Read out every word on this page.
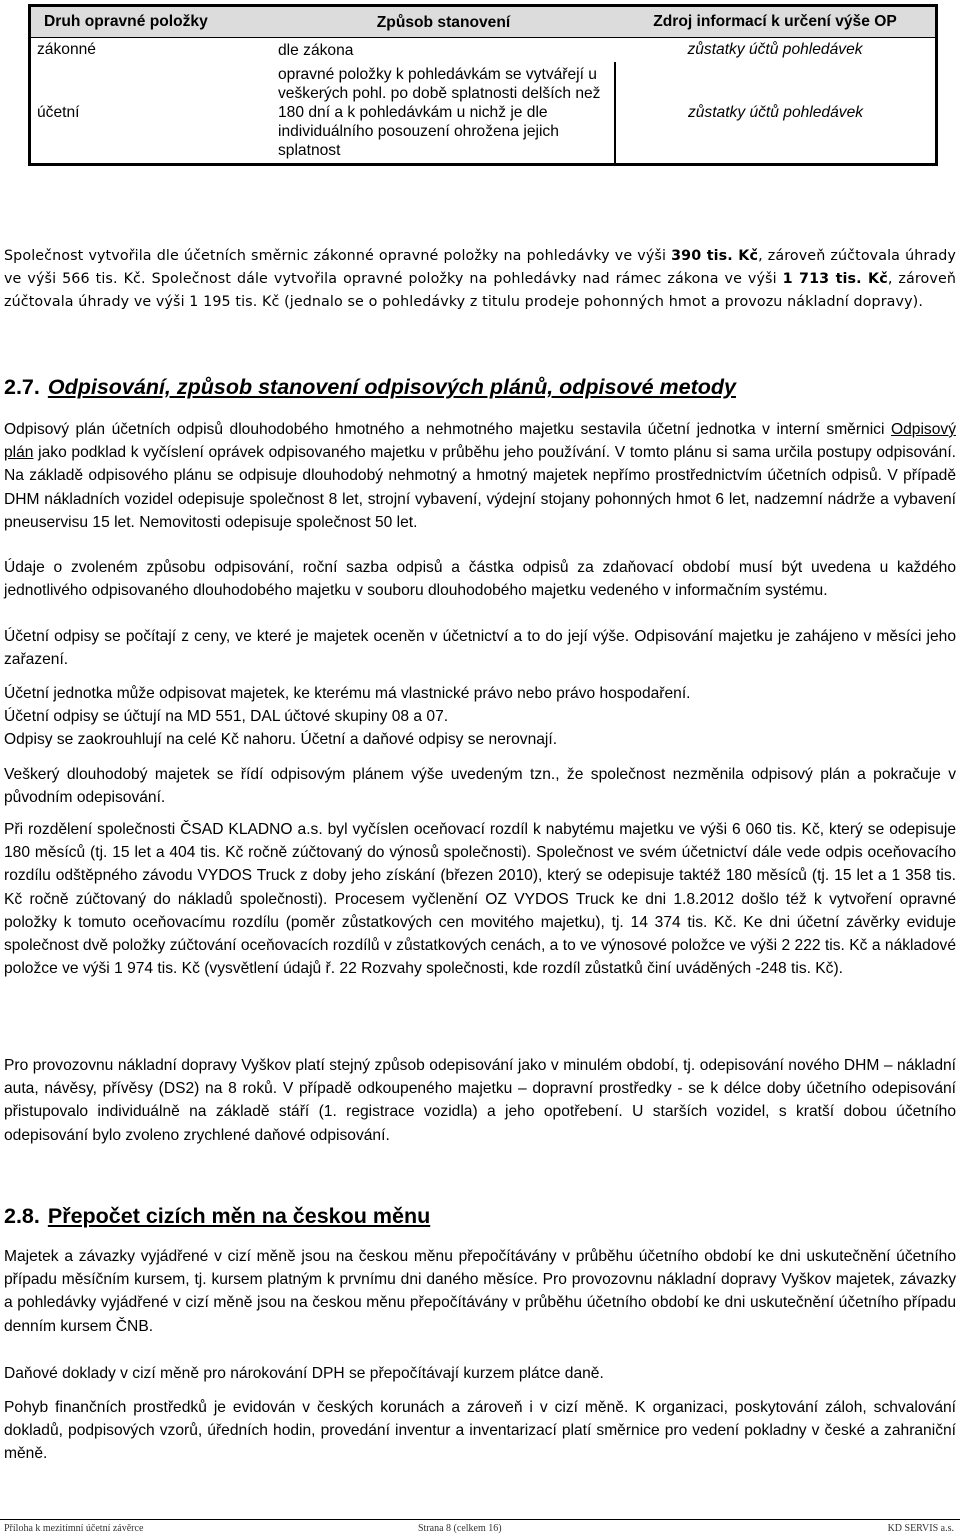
Druh opravné položky	Způsob stanovení	Zdroj informací k určení výše OP
zákonné	dle zákona	zůstatky účtů pohledávek
účetní	opravné položky k pohledávkám se vytvářejí u veškerých pohl. po době splatnosti delších než 180 dní a k pohledávkám u nichž je dle individuálního posouzení ohrožena jejich splatnost	zůstatky účtů pohledávek

Společnost vytvořila dle účetních směrnic zákonné opravné položky na pohledávky ve výši 390 tis. Kč, zároveň zúčtovala úhrady ve výši 566 tis. Kč. Společnost dále vytvořila opravné položky na pohledávky nad rámec zákona ve výši 1 713 tis. Kč, zároveň zúčtovala úhrady ve výši 1 195 tis. Kč (jednalo se o pohledávky z titulu prodeje pohonných hmot a provozu nákladní dopravy).

2.7. Odpisování, způsob stanovení odpisových plánů, odpisové metody

Odpisový plán účetních odpisů dlouhodobého hmotného a nehmotného majetku sestavila účetní jednotka v interní směrnici Odpisový plán jako podklad k vyčíslení oprávek odpisovaného majetku v průběhu jeho používání. V tomto plánu si sama určila postupy odpisování. Na základě odpisového plánu se odpisuje dlouhodobý nehmotný a hmotný majetek nepřímo prostřednictvím účetních odpisů. V případě DHM nákladních vozidel odepisuje společnost 8 let, strojní vybavení, výdejní stojany pohonných hmot 6 let, nadzemní nádrže a vybavení pneuservisu 15 let. Nemovitosti odepisuje společnost 50 let.

Údaje o zvoleném způsobu odpisování, roční sazba odpisů a částka odpisů za zdaňovací období musí být uvedena u každého jednotlivého odpisovaného dlouhodobého majetku v souboru dlouhodobého majetku vedeného v informačním systému.

Účetní odpisy se počítají z ceny, ve které je majetek oceněn v účetnictví a to do její výše. Odpisování majetku je zahájeno v měsíci jeho zařazení.

Účetní jednotka může odpisovat majetek, ke kterému má vlastnické právo nebo právo hospodaření.

Účetní odpisy se účtují na MD 551, DAL účtové skupiny 08 a 07.

Odpisy se zaokrouhlují na celé Kč nahoru. Účetní a daňové odpisy se nerovnají.

Veškerý dlouhodobý majetek se řídí odpisovým plánem výše uvedeným tzn., že společnost nezměnila odpisový plán a pokračuje v původním odepisování.

Při rozdělení společnosti ČSAD KLADNO a.s. byl vyčíslen oceňovací rozdíl k nabytému majetku ve výši 6 060 tis. Kč, který se odepisuje 180 měsíců (tj. 15 let a 404 tis. Kč ročně zúčtovaný do výnosů společnosti). Společnost ve svém účetnictví dále vede odpis oceňovacího rozdílu odštěpného závodu VYDOS Truck z doby jeho získání (březen 2010), který se odepisuje taktéž 180 měsíců (tj. 15 let a 1 358 tis. Kč ročně zúčtovaný do nákladů společnosti). Procesem vyčlenění OZ VYDOS Truck ke dni 1.8.2012 došlo též k vytvoření opravné položky k tomuto oceňovacímu rozdílu (poměr zůstatkových cen movitého majetku), tj. 14 374 tis. Kč. Ke dni účetní závěrky eviduje společnost dvě položky zúčtování oceňovacích rozdílů v zůstatkových cenách, a to ve výnosové položce ve výši 2 222 tis. Kč a nákladové položce ve výši 1 974 tis. Kč (vysvětlení údajů ř. 22 Rozvahy společnosti, kde rozdíl zůstatků činí uváděných -248 tis. Kč).

Pro provozovnu nákladní dopravy Vyškov platí stejný způsob odepisování jako v minulém období, tj. odepisování nového DHM – nákladní auta, návěsy, přívěsy (DS2) na 8 roků. V případě odkoupeného majetku – dopravní prostředky - se k délce doby účetního odepisování přistupovalo individuálně na základě stáří (1. registrace vozidla) a jeho opotřebení. U starších vozidel, s kratší dobou účetního odepisování bylo zvoleno zrychlené daňové odpisování.

2.8. Přepočet cizích měn na českou měnu

Majetek a závazky vyjádřené v cizí měně jsou na českou měnu přepočítávány v průběhu účetního období ke dni uskutečnění účetního případu měsíčním kursem, tj. kursem platným k prvnímu dni daného měsíce. Pro provozovnu nákladní dopravy Vyškov majetek, závazky a pohledávky vyjádřené v cizí měně jsou na českou měnu přepočítávány v průběhu účetního období ke dni uskutečnění účetního případu denním kursem ČNB.

Daňové doklady v cizí měně pro nárokování DPH se přepočítávají kurzem plátce daně.

Pohyb finančních prostředků je evidován v českých korunách a zároveň i v cizí měně. K organizaci, poskytování záloh, schvalování dokladů, podpisových vzorů, úředních hodin, provedání inventur a inventarizací platí směrnice pro vedení pokladny v české a zahraniční měně.

Příloha k mezitímní účetní závěrce	Strana 8 (celkem 16)	KD SERVIS a.s.
